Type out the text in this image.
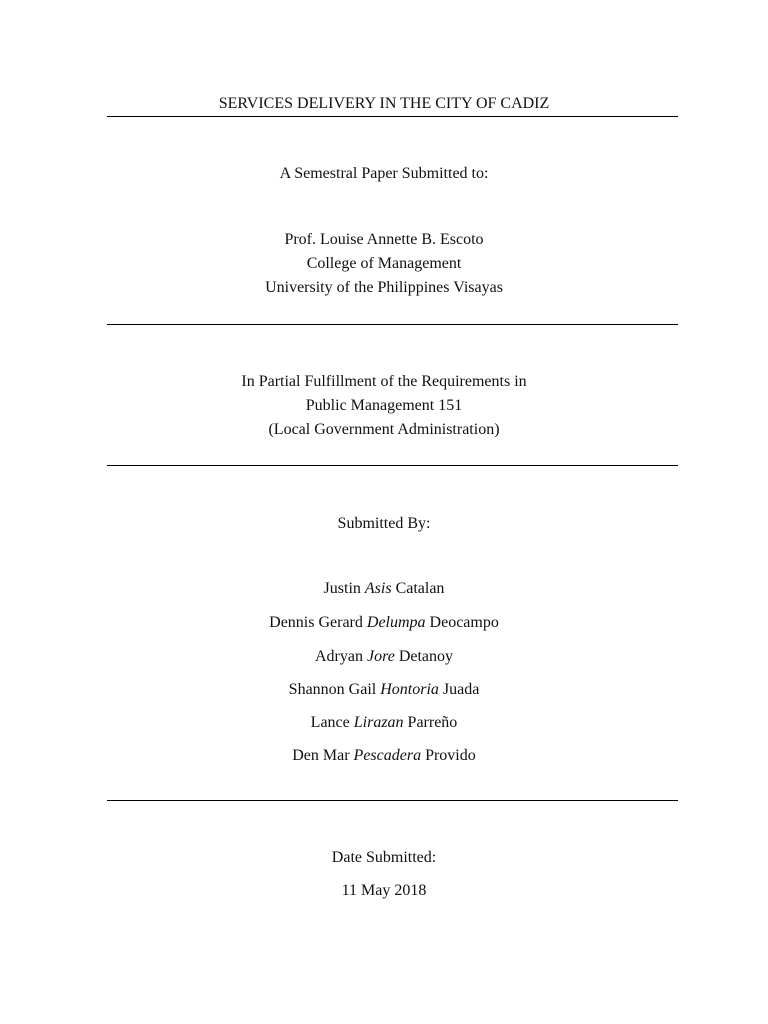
SERVICES DELIVERY IN THE CITY OF CADIZ
A Semestral Paper Submitted to:
Prof. Louise Annette B. Escoto
College of Management
University of the Philippines Visayas
In Partial Fulfillment of the Requirements in
Public Management 151
(Local Government Administration)
Submitted By:
Justin Asis Catalan
Dennis Gerard Delumpa Deocampo
Adryan Jore Detanoy
Shannon Gail Hontoria Juada
Lance Lirazan Parreño
Den Mar Pescadera Provido
Date Submitted:
11 May 2018
